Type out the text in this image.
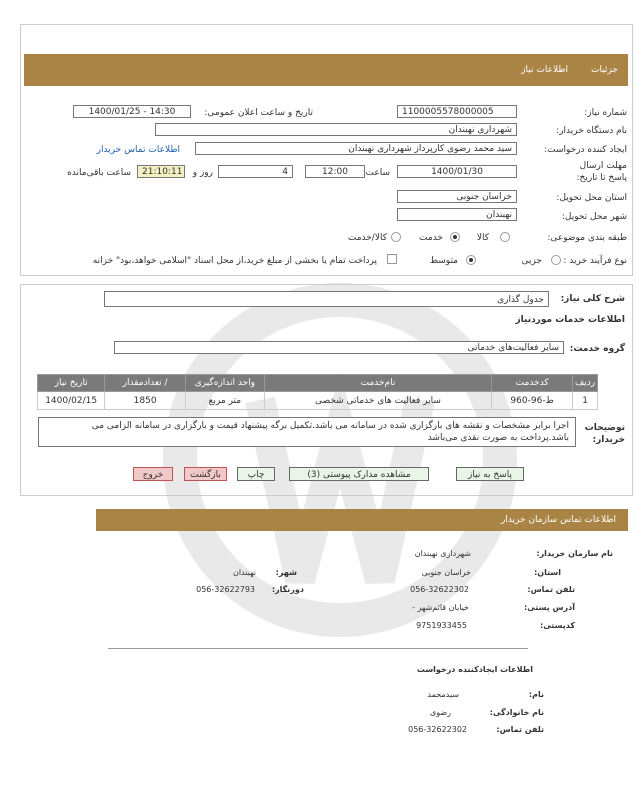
جزئیات
اطلاعات نیاز
شماره نیاز:
1100005578000005
تاریخ و ساعت اعلان عمومی:
1400/01/25 - 14:30
نام دستگاه خریدار:
شهرداری نهبندان
ایجاد کننده درخواست:
سید محمد رضوی کارپرداز شهرداری نهبندان
اطلاعات تماس خریدار
مهلت ارسال پاسخ تا تاریخ:
1400/01/30
ساعت
12:00
4
روز و
21:10:11
ساعت باقی‌مانده
استان محل تحویل:
خراسان جنوبی
شهر محل تحویل:
نهبندان
طبقه بندی موضوعی:
کالا
خدمت
کالا/خدمت
نوع فرآیند خرید :
جزیی
متوسط
پرداخت تمام یا بخشی از مبلغ خرید،از محل اسناد "اسلامی خواهد،بود" خزانه
شرح کلی نیاز:
جدول گذاری
اطلاعات خدمات موردنیاز
گروه خدمت:
سایر فعالیت‌های خدماتی
ردیف	کدخدمت	نام‌خدمت	واحد اندازه‌گیری	/ تعدادمقدار	تاریخ نیاز
1	ط-96-960	سایر فعالیت های خدماتی شخصی	متر مربع	1850	1400/02/15
توضیحات خریدار:
اجرا برابر مشخصات و نقشه های بارگزاری شده در سامانه می باشد.تکمیل برگه پیشنهاد قیمت و بارگزاری در سامانه الزامی می باشد.پرداخت به صورت نقدی می‌باشد
پاسخ به نیاز
مشاهده مدارک پیوستی (3)
چاپ
بازگشت
خروج
اطلاعات تماس سازمان خریدار
نام سازمان خریدار:
شهرداری نهبندان
استان:
خراسان جنوبی
شهر:
نهبندان
تلفن تماس:
056-32622302
دورنگار:
056-32622793
آدرس پستی:
خیابان قائم‌شهر -
کدپستی:
9751933455
اطلاعات ایجادکننده درخواست
نام:
سیدمحمد
نام خانوادگی:
رضوی
تلفن تماس:
056-32622302
